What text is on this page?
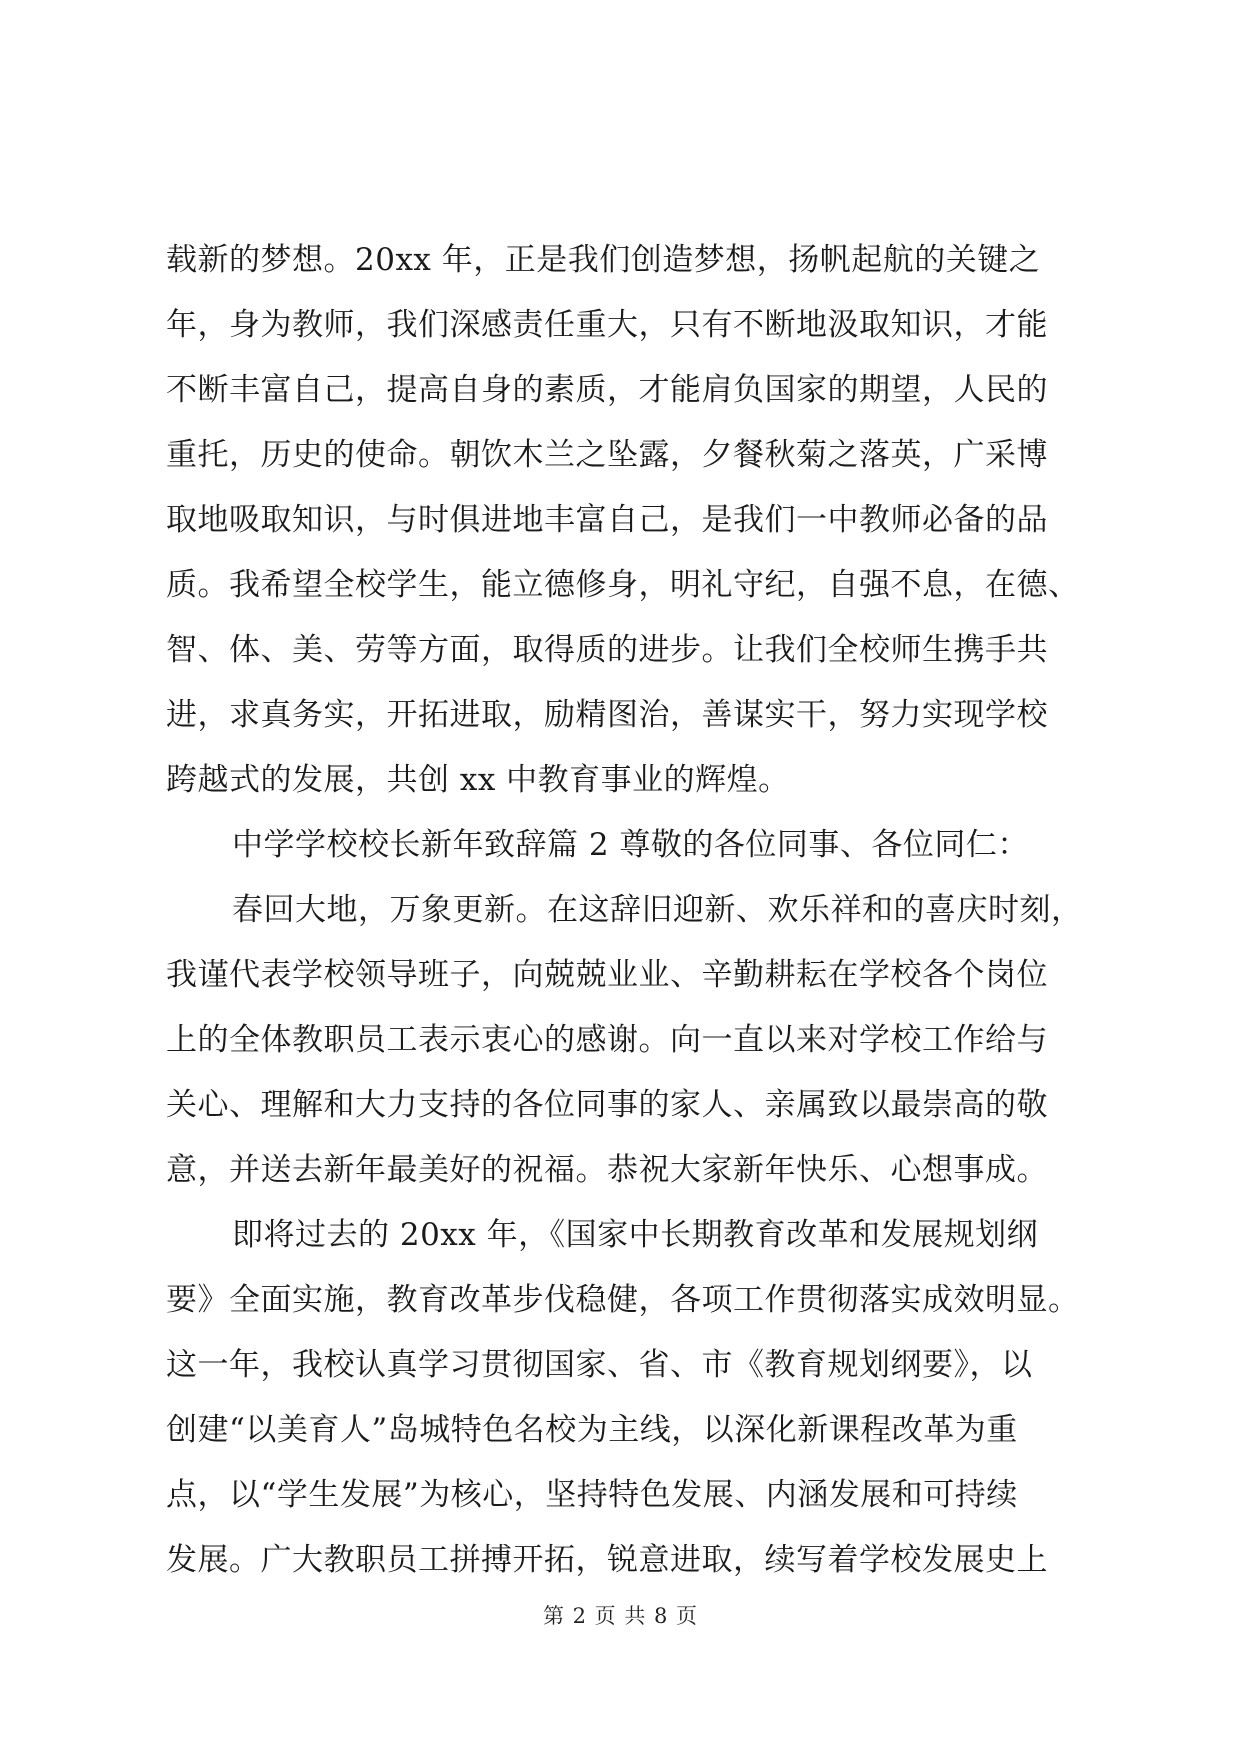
载新的梦想。20xx 年，正是我们创造梦想，扬帆起航的关键之
年，身为教师，我们深感责任重大，只有不断地汲取知识，才能
不断丰富自己，提高自身的素质，才能肩负国家的期望，人民的
重托，历史的使命。朝饮木兰之坠露，夕餐秋菊之落英，广采博
取地吸取知识，与时俱进地丰富自己，是我们一中教师必备的品
质。我希望全校学生，能立德修身，明礼守纪，自强不息，在德、
智、体、美、劳等方面，取得质的进步。让我们全校师生携手共
进，求真务实，开拓进取，励精图治，善谋实干，努力实现学校
跨越式的发展，共创 xx 中教育事业的辉煌。
中学学校校长新年致辞篇 2 尊敬的各位同事、各位同仁：
春回大地，万象更新。在这辞旧迎新、欢乐祥和的喜庆时刻，
我谨代表学校领导班子，向兢兢业业、辛勤耕耘在学校各个岗位
上的全体教职员工表示衷心的感谢。向一直以来对学校工作给与
关心、理解和大力支持的各位同事的家人、亲属致以最崇高的敬
意，并送去新年最美好的祝福。恭祝大家新年快乐、心想事成。
即将过去的 20xx 年，《国家中长期教育改革和发展规划纲
要》全面实施，教育改革步伐稳健，各项工作贯彻落实成效明显。
这一年，我校认真学习贯彻国家、省、市《教育规划纲要》，以
创建“以美育人”岛城特色名校为主线，以深化新课程改革为重
点，以“学生发展”为核心，坚持特色发展、内涵发展和可持续
发展。广大教职员工拼搏开拓，锐意进取，续写着学校发展史上
第 2 页 共 8 页
